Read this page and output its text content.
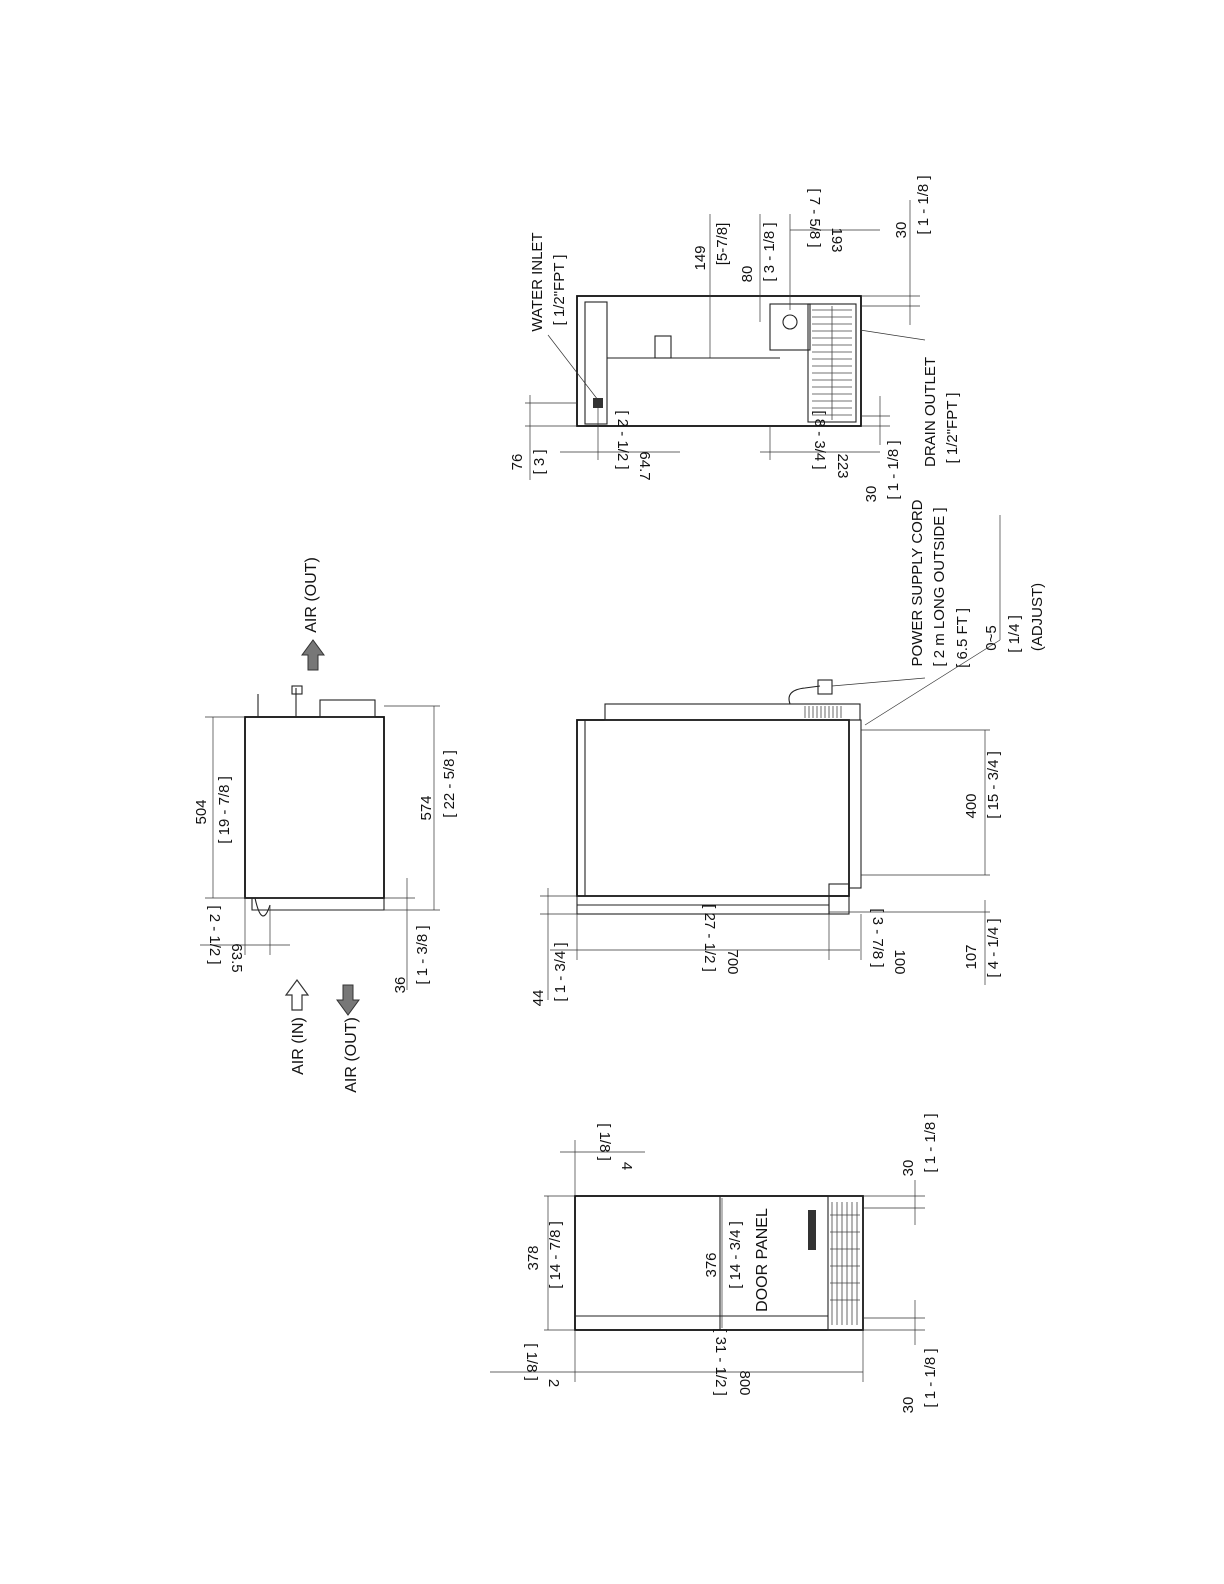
800
[ 31 - 1/2 ]
2
[ 1/8 ]
378 [ 14 - 7/8 ]	376 [ 14 - 3/4 ] DOOR PANEL
4
[ 1/8 ]
30 [ 1 - 1/8 ]
30 [ 1 - 1/8 ]
504 [ 19 - 7/8 ]	574 [ 22 - 5/8 ]
63.5
[ 2 - 1/2 ]
36
[ 1 - 3/8 ]
AIR (OUT)
AIR (IN) AIR (OUT)
700
[ 27 - 1/2 ]
44 [ 1 - 3/4 ]	100
[ 3 - 7/8 ]	107 [ 4 - 1/4 ]
400 [ 15 - 3/4 ]
POWER SUPPLY CORD [ 2 m LONG OUTSIDE ] [ 6.5 FT ] 0~5 [ 1/4 ] (ADJUST)
WATER INLET [ 1/2"FPT ]	149 [5-7/8]
80 [ 3 - 1/8 ]	193
[ 7 - 5/8 ]	30 [ 1 - 1/8 ]
DRAIN OUTLET [ 1/2"FPT ]
30 [ 1 - 1/8 ]
223
[ 8 - 3/4 ]
64.7
[ 2 - 1/2 ]
76 [ 3 ]
